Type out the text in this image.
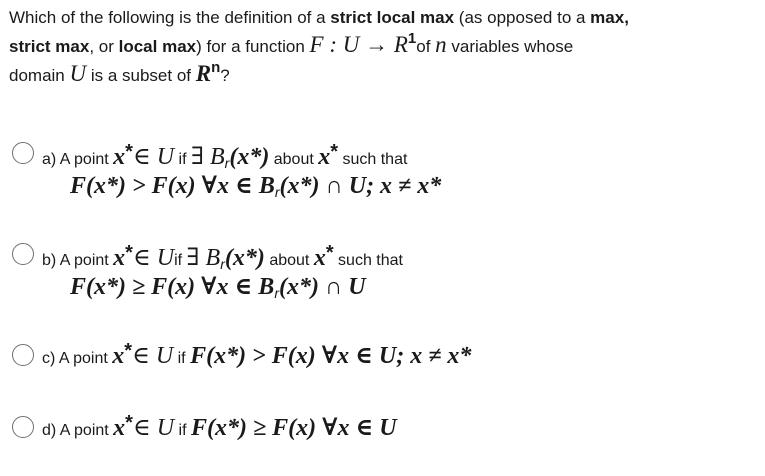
Which of the following is the definition of a strict local max (as opposed to a max,
strict max, or local max) for a function F : $U \to R^1of$ n variables whose
domain U is a subset of $R^n$?
a) A point x*∈ U if ∃ $B_r(x*)$ about x* such that
F(x*) > F(x) ∀x ∈ $B_r(x*)$ ∩ U; x ≠ x*
b) A point x*∈ Uif ∃ $B_r(x*)$ about x* such that
F(x*) ≥ F(x) ∀x ∈ $B_r(x*)$ ∩ U
c) A point x*∈ U if F(x*) > F(x) ∀x ∈ U; x ≠ x*
d) A point x*∈ U if F(x*) ≥ F(x) ∀x ∈ U
